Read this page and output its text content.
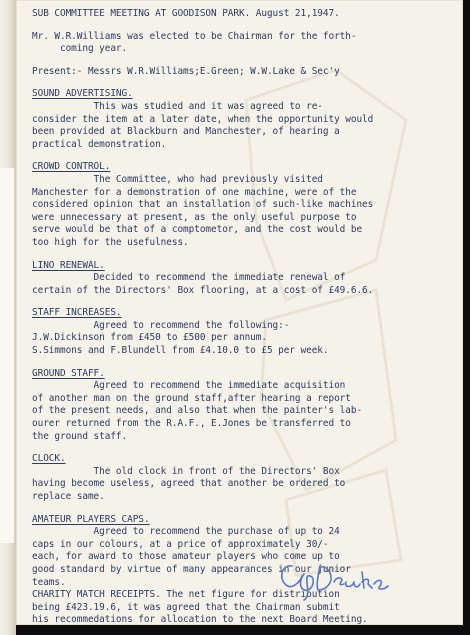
SUB COMMITTEE MEETING AT GOODISON PARK. August 21,1947.
Mr. W.R.Williams was elected to be Chairman for the forth-
coming year.
Present:- Messrs W.R.Williams;E.Green; W.W.Lake & Sec'y
SOUND ADVERTISING.
This was studied and it was agreed to re-
consider the item at a later date, when the opportunity would
been provided at Blackburn and Manchester, of hearing a
practical demonstration.
CROWD CONTROL.
The Committee, who had previously visited
Manchester for a demonstration of one machine, were of the
considered opinion that an installation of such-like machines
were unnecessary at present, as the only useful purpose to
serve would be that of a comptometor, and the cost would be
too high for the usefulness.
LINO RENEWAL.
Decided to recommend the immediate renewal of
certain of the Directors' Box flooring, at a cost of £49.6.6.
STAFF INCREASES.
Agreed to recommend the following:-
J.W.Dickinson from £450 to £500 per annum.
S.Simmons and F.Blundell from £4.10.0 to £5 per week.
GROUND STAFF.
Agreed to recommend the immediate acquisition
of another man on the ground staff,after hearing a report
of the present needs, and also that when the painter's lab-
ourer returned from the R.A.F., E.Jones be transferred to
the ground staff.
CLOCK.
The old clock in front of the Directors' Box
having become useless, agreed that another be ordered to
replace same.
AMATEUR PLAYERS CAPS.
Agreed to recommend the purchase of up to 24
caps in our colours, at a price of approximately 30/-
each, for award to those amateur players who come up to
good standard by virtue of many appearances in our junior
teams.
CHARITY MATCH RECEIPTS. The net figure for distribution
being £423.19.6, it was agreed that the Chairman submit
his recommedations for allocation to the next Board Meeting.
